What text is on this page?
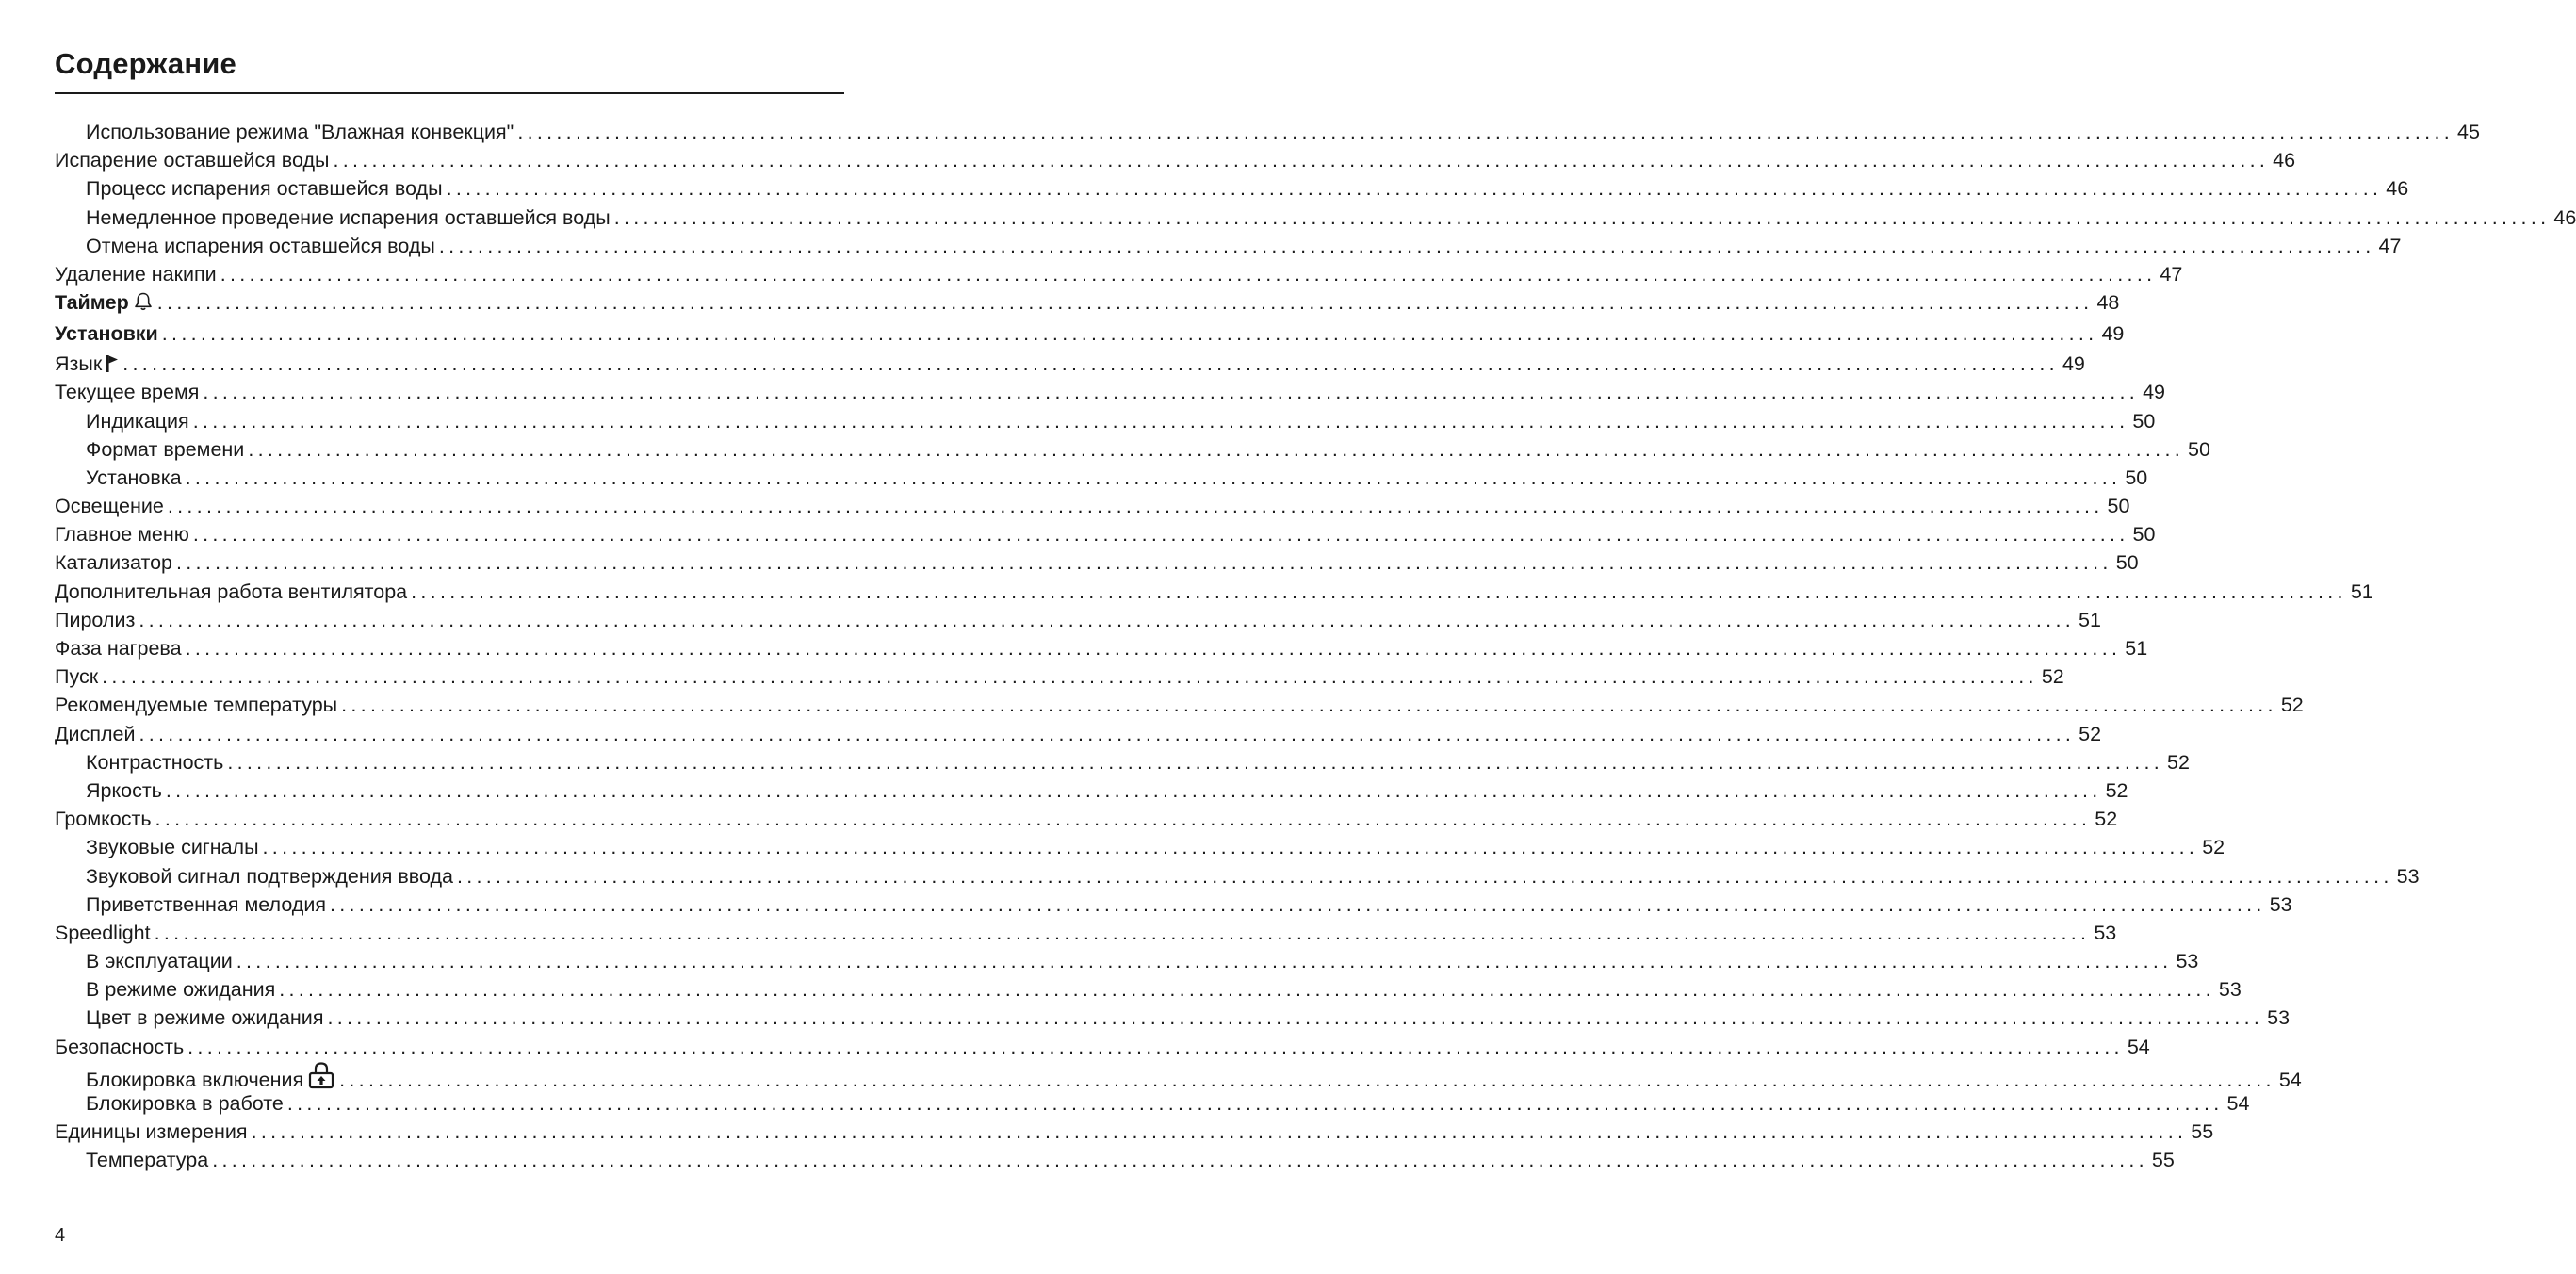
Содержание
Использование режима "Влажная конвекция" ........................................................................................................................................................................................................ 45
Испарение оставшейся воды ........................................................................................................................................................................................................ 46
Процесс испарения оставшейся воды ........................................................................................................................................................................................................ 46
Немедленное проведение испарения оставшейся воды ........................................................................................................................................................................................................ 46
Отмена испарения оставшейся воды ........................................................................................................................................................................................................ 47
Удаление накипи ........................................................................................................................................................................................................ 47
Таймер	........................................................................................................................................................................................................ 48
Установки ........................................................................................................................................................................................................ 49
Язык	........................................................................................................................................................................................................ 49
Текущее время ........................................................................................................................................................................................................ 49
Индикация ........................................................................................................................................................................................................ 50
Формат времени ........................................................................................................................................................................................................ 50
Установка ........................................................................................................................................................................................................ 50
Освещение ........................................................................................................................................................................................................ 50
Главное меню ........................................................................................................................................................................................................ 50
Катализатор ........................................................................................................................................................................................................ 50
Дополнительная работа вентилятора ........................................................................................................................................................................................................ 51
Пиролиз ........................................................................................................................................................................................................ 51
Фаза нагрева ........................................................................................................................................................................................................ 51
Пуск ........................................................................................................................................................................................................ 52
Рекомендуемые температуры ........................................................................................................................................................................................................ 52
Дисплей ........................................................................................................................................................................................................ 52
Контрастность ........................................................................................................................................................................................................ 52
Яркость ........................................................................................................................................................................................................ 52
Громкость ........................................................................................................................................................................................................ 52
Звуковые сигналы ........................................................................................................................................................................................................ 52
Звуковой сигнал подтверждения ввода ........................................................................................................................................................................................................ 53
Приветственная мелодия ........................................................................................................................................................................................................ 53
Speedlight ........................................................................................................................................................................................................ 53
В эксплуатации ........................................................................................................................................................................................................ 53
В режиме ожидания ........................................................................................................................................................................................................ 53
Цвет в режиме ожидания ........................................................................................................................................................................................................ 53
Безопасность ........................................................................................................................................................................................................ 54
Блокировка включения	........................................................................................................................................................................................................ 54
Блокировка в работе ........................................................................................................................................................................................................ 54
Единицы измерения ........................................................................................................................................................................................................ 55
Температура ........................................................................................................................................................................................................ 55
4
